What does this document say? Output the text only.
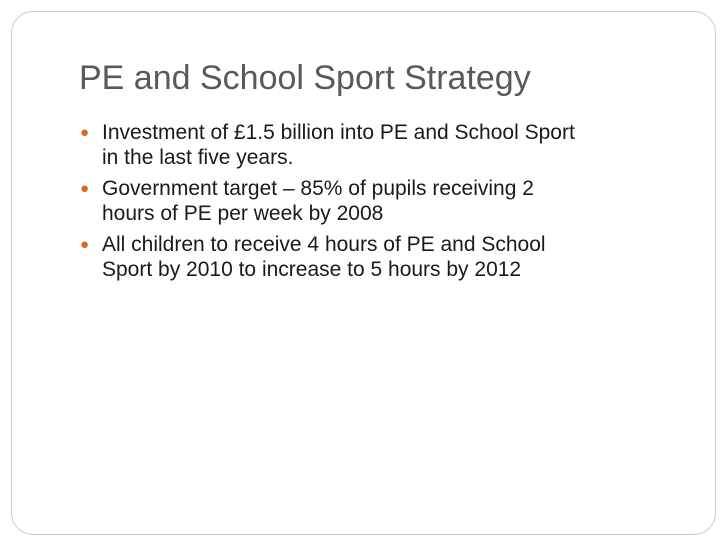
PE and School Sport Strategy
● Investment of £1.5 billion into PE and School Sport
in the last five years.
● Government target – 85% of pupils receiving 2
hours of PE per week by 2008
● All children to receive 4 hours of PE and School
Sport by 2010 to increase to 5 hours by 2012
